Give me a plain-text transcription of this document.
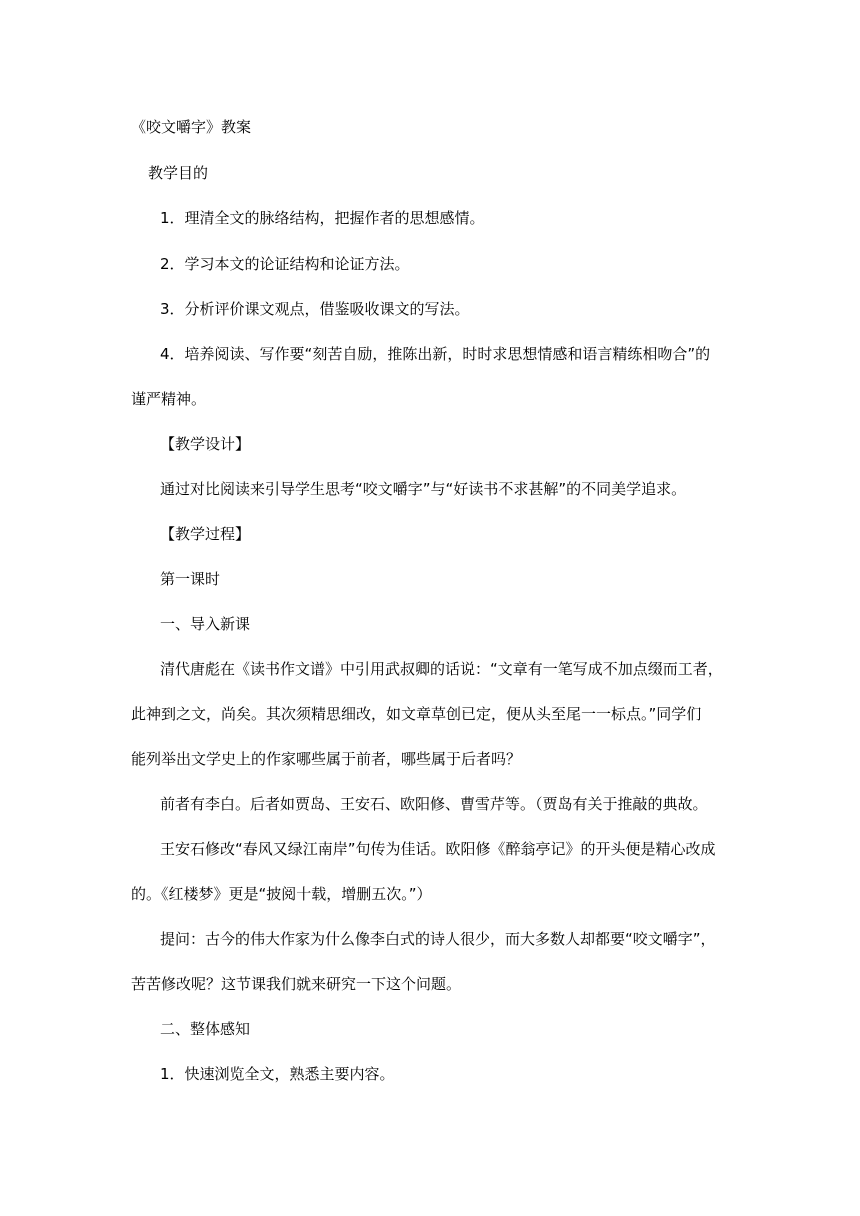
《咬文嚼字》教案
教学目的
1．理清全文的脉络结构，把握作者的思想感情。
2．学习本文的论证结构和论证方法。
3．分析评价课文观点，借鉴吸收课文的写法。
4．培养阅读、写作要“刻苦自励，推陈出新，时时求思想情感和语言精练相吻合”的
谨严精神。
【教学设计】
通过对比阅读来引导学生思考“咬文嚼字”与“好读书不求甚解”的不同美学追求。
【教学过程】
第一课时
一、导入新课
清代唐彪在《读书作文谱》中引用武叔卿的话说：“文章有一笔写成不加点缀而工者，
此神到之文，尚矣。其次须精思细改，如文章草创已定，便从头至尾一一标点。”同学们
能列举出文学史上的作家哪些属于前者，哪些属于后者吗？
前者有李白。后者如贾岛、王安石、欧阳修、曹雪芹等。（贾岛有关于推敲的典故。
王安石修改“春风又绿江南岸”句传为佳话。欧阳修《醉翁亭记》的开头便是精心改成
的。《红楼梦》更是“披阅十载，增删五次。”）
提问：古今的伟大作家为什么像李白式的诗人很少，而大多数人却都要“咬文嚼字”，
苦苦修改呢？这节课我们就来研究一下这个问题。
二、整体感知
1．快速浏览全文，熟悉主要内容。
